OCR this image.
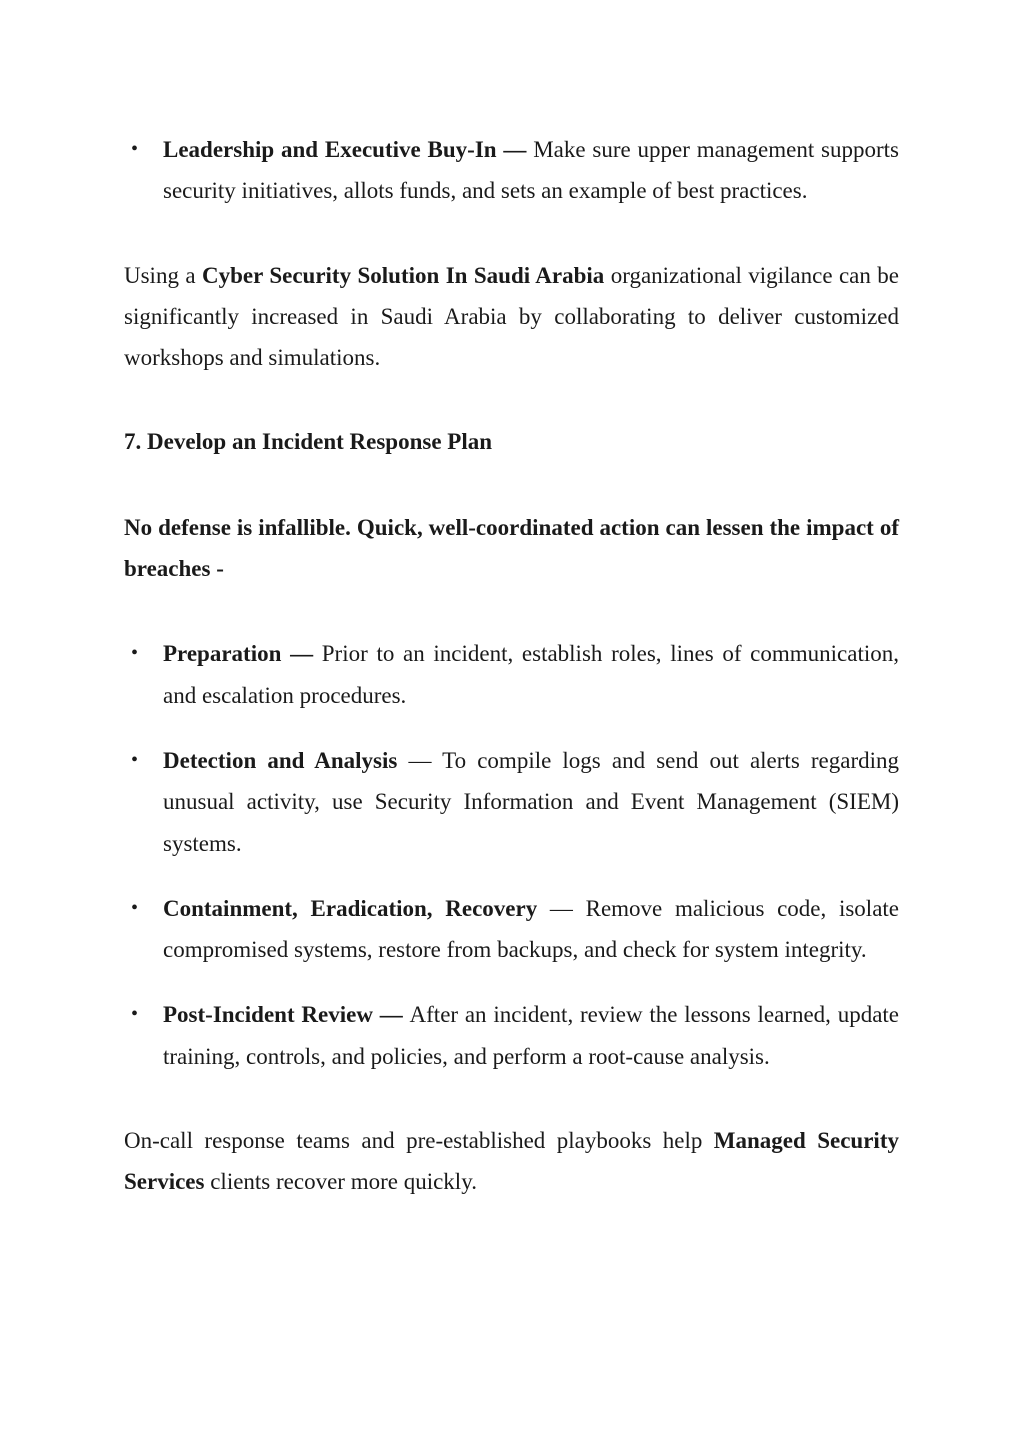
• Leadership and Executive Buy-In — Make sure upper management supports security initiatives, allots funds, and sets an example of best practices.

Using a Cyber Security Solution In Saudi Arabia organizational vigilance can be significantly increased in Saudi Arabia by collaborating to deliver customized workshops and simulations.

7. Develop an Incident Response Plan

No defense is infallible. Quick, well-coordinated action can lessen the impact of breaches -

• Preparation — Prior to an incident, establish roles, lines of communication, and escalation procedures.
• Detection and Analysis — To compile logs and send out alerts regarding unusual activity, use Security Information and Event Management (SIEM) systems.
• Containment, Eradication, Recovery — Remove malicious code, isolate compromised systems, restore from backups, and check for system integrity.
• Post-Incident Review — After an incident, review the lessons learned, update training, controls, and policies, and perform a root-cause analysis.

On-call response teams and pre-established playbooks help Managed Security Services clients recover more quickly.
